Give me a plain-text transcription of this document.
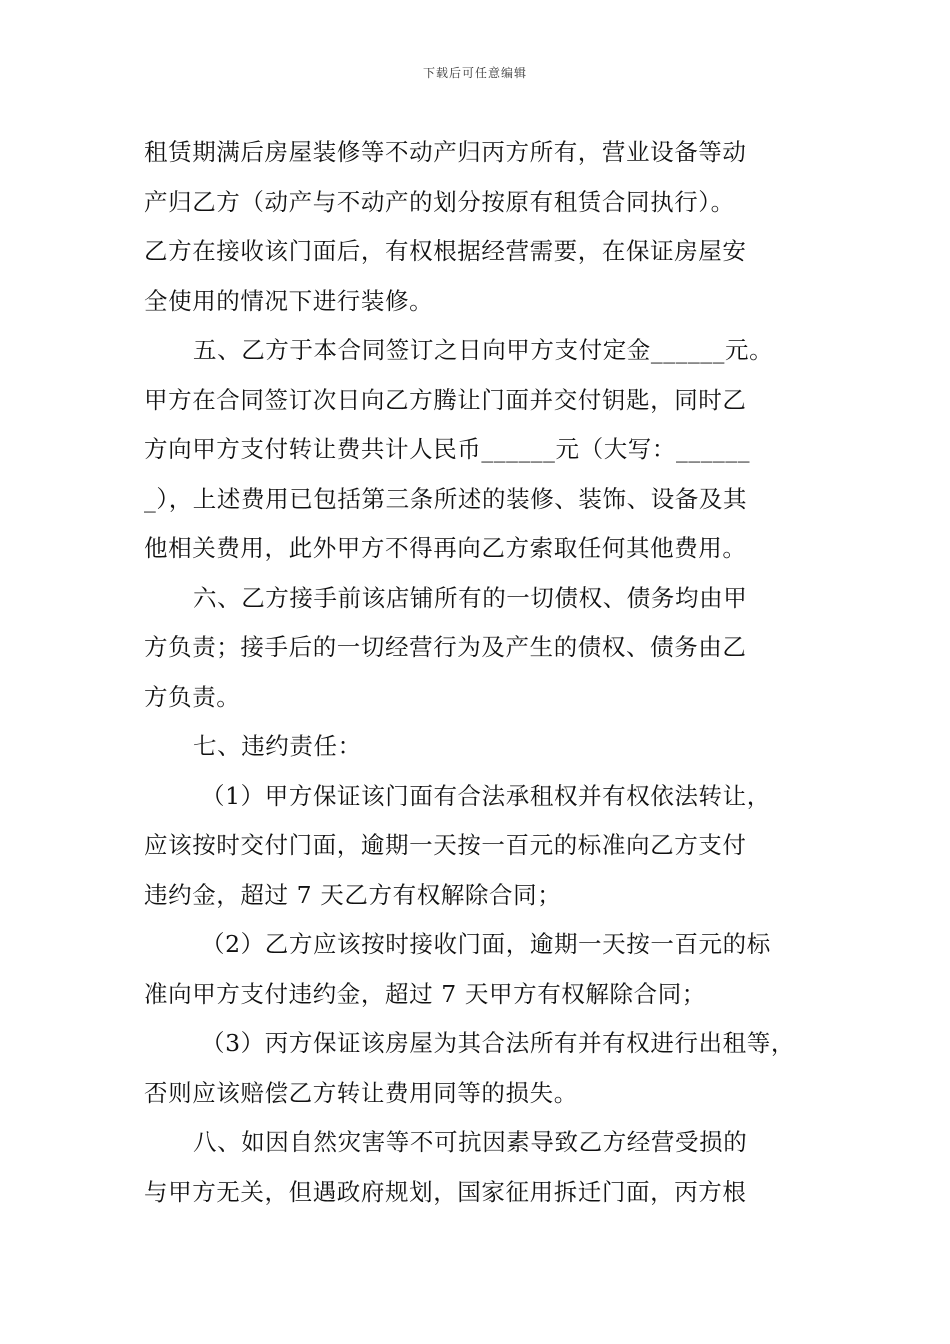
下载后可任意编辑
租赁期满后房屋装修等不动产归丙方所有，营业设备等动
产归乙方（动产与不动产的划分按原有租赁合同执行）。
乙方在接收该门面后，有权根据经营需要，在保证房屋安
全使用的情况下进行装修。
五、乙方于本合同签订之日向甲方支付定金______元。
甲方在合同签订次日向乙方腾让门面并交付钥匙，同时乙
方向甲方支付转让费共计人民币______元（大写：______
_），上述费用已包括第三条所述的装修、装饰、设备及其
他相关费用，此外甲方不得再向乙方索取任何其他费用。
六、乙方接手前该店铺所有的一切债权、债务均由甲
方负责；接手后的一切经营行为及产生的债权、债务由乙
方负责。
七、违约责任：
（1）甲方保证该门面有合法承租权并有权依法转让，
应该按时交付门面，逾期一天按一百元的标准向乙方支付
违约金，超过 7 天乙方有权解除合同；
（2）乙方应该按时接收门面，逾期一天按一百元的标
准向甲方支付违约金，超过 7 天甲方有权解除合同；
（3）丙方保证该房屋为其合法所有并有权进行出租等，
否则应该赔偿乙方转让费用同等的损失。
八、如因自然灾害等不可抗因素导致乙方经营受损的
与甲方无关，但遇政府规划，国家征用拆迁门面，丙方根
